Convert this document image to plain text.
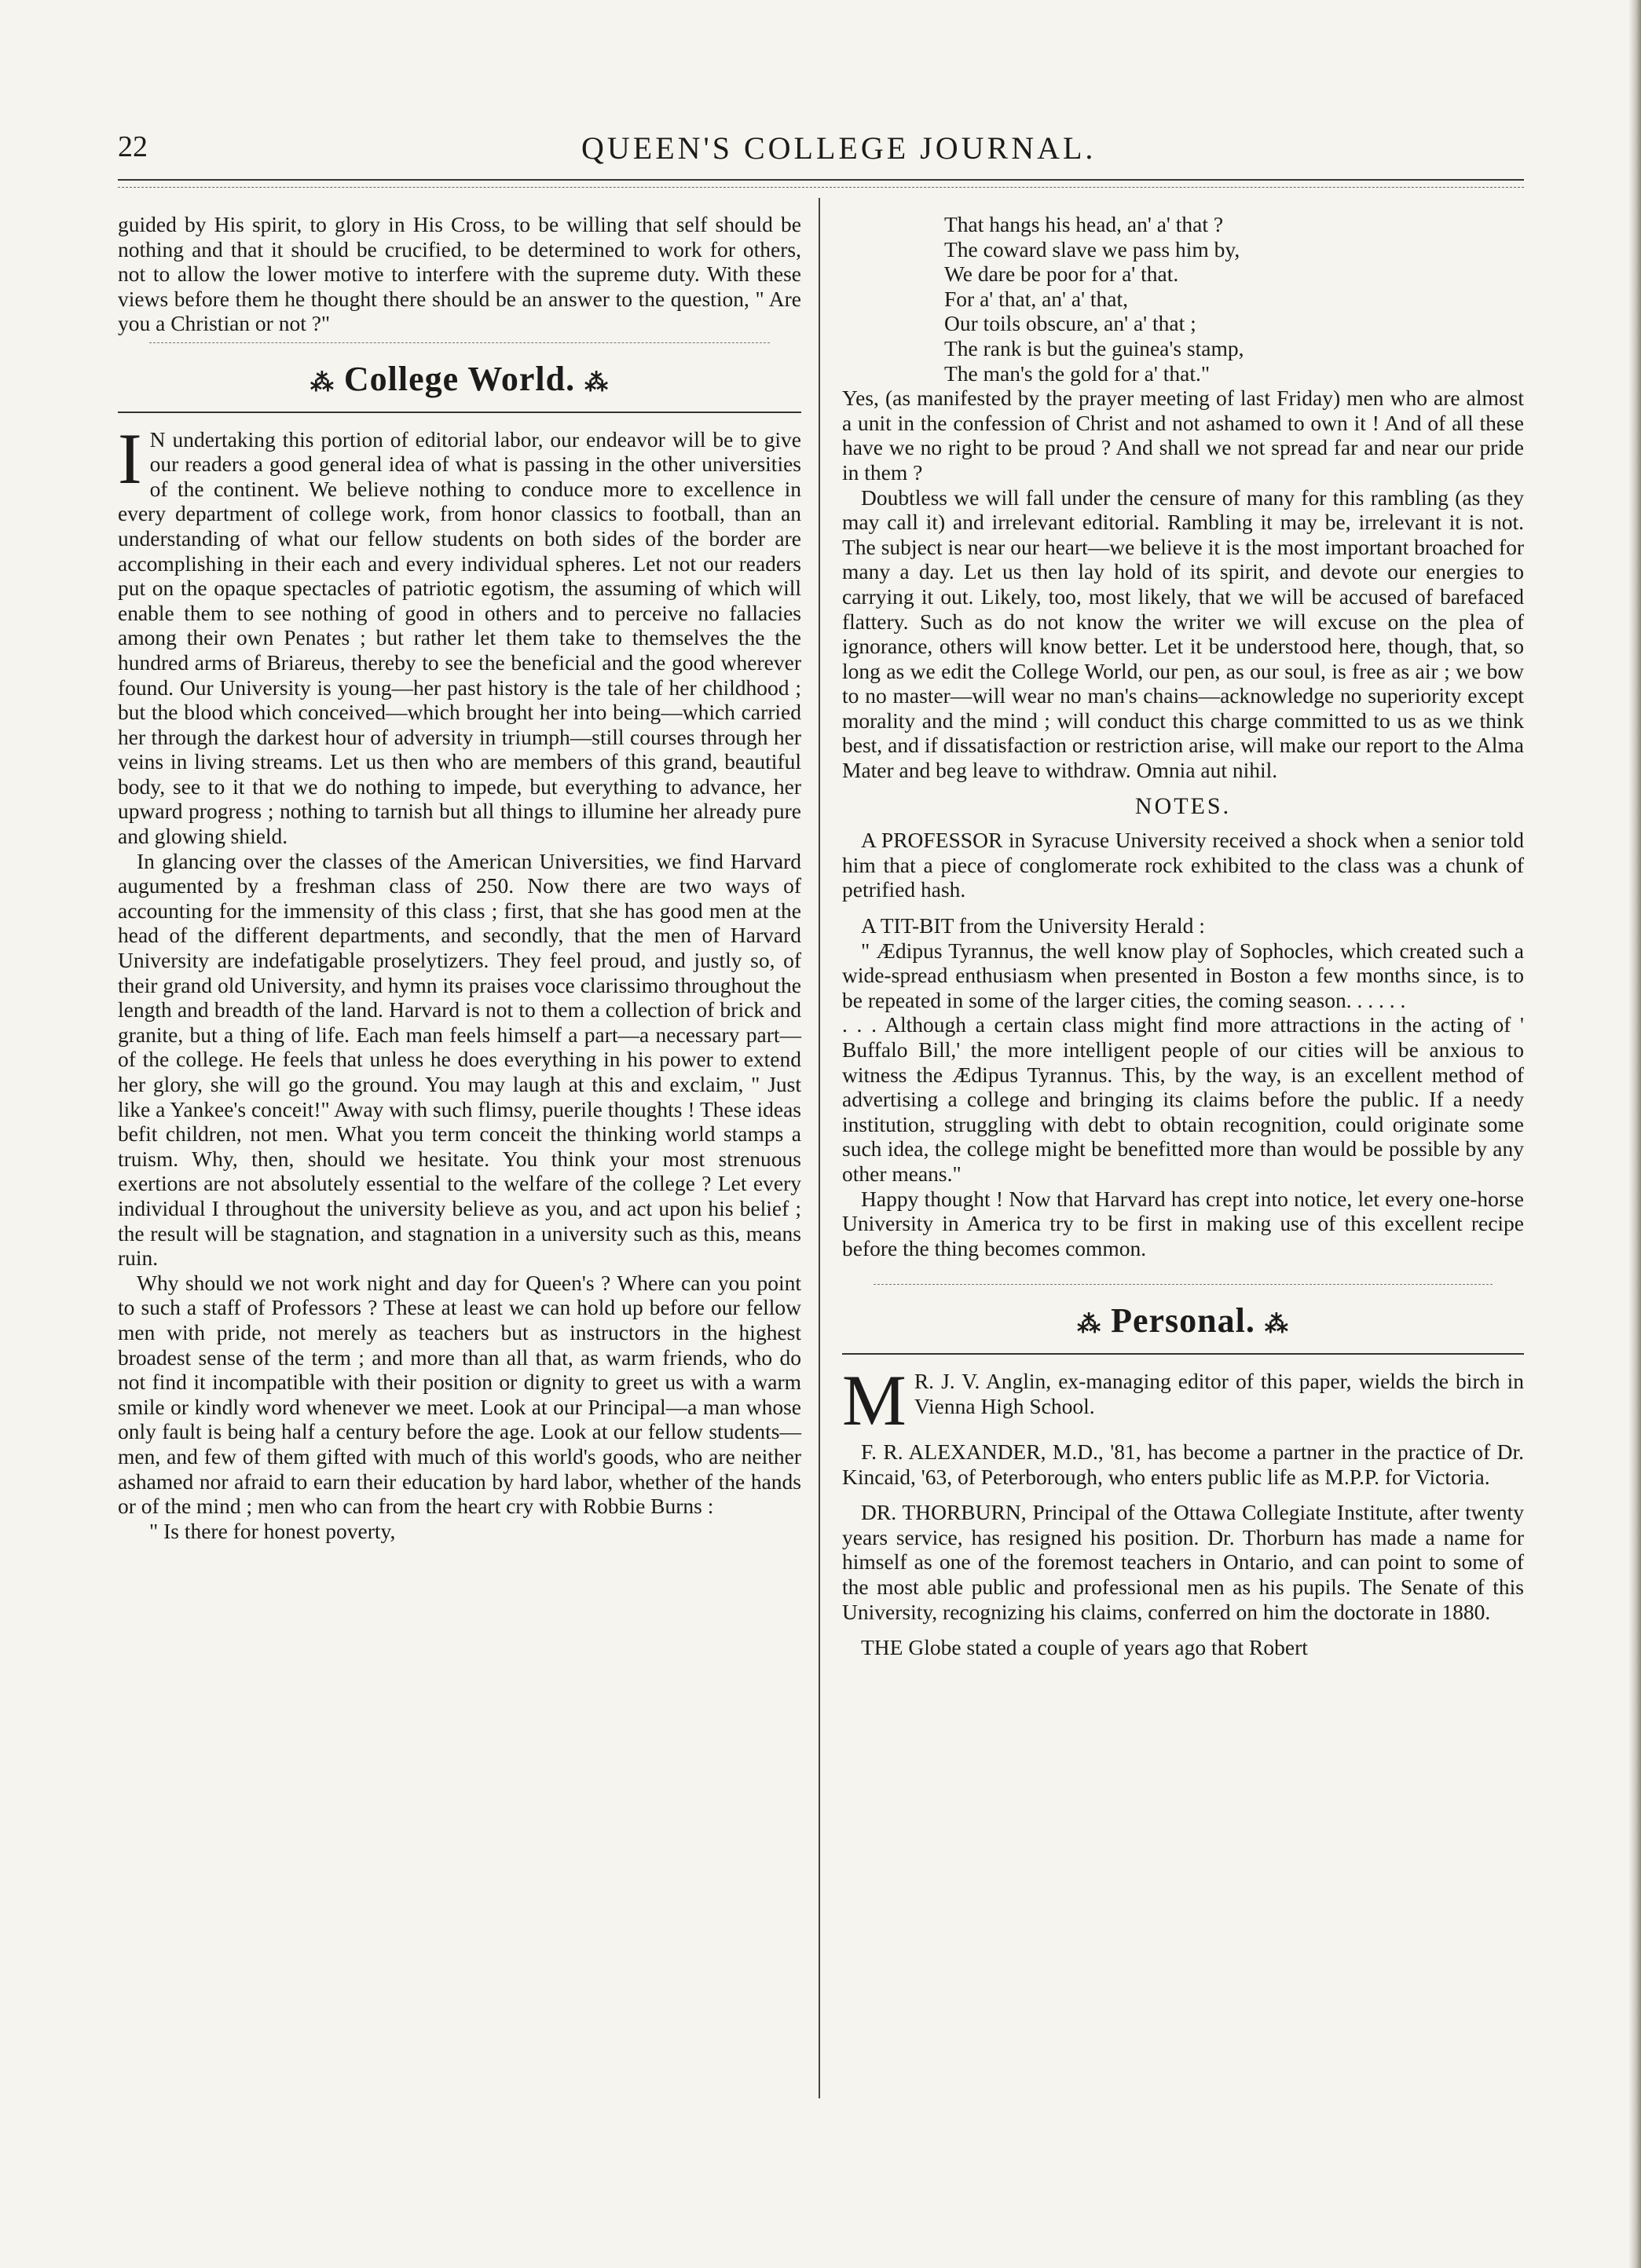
22	QUEEN'S COLLEGE JOURNAL.

guided by His spirit, to glory in His Cross, to be willing that self should be nothing and that it should be crucified, to be determined to work for others, not to allow the lower motive to interfere with the supreme duty. With these views before them he thought there should be an answer to the question, " Are you a Christian or not ?"

⁂ College World. ⁂

I N undertaking this portion of editorial labor, our endeavor will be to give our readers a good general idea of what is passing in the other universities of the continent. We believe nothing to conduce more to excellence in every department of college work, from honor classics to football, than an understanding of what our fellow students on both sides of the border are accomplishing in their each and every individual spheres. Let not our readers put on the opaque spectacles of patriotic egotism, the assuming of which will enable them to see nothing of good in others and to perceive no fallacies among their own Penates ; but rather let them take to themselves the the hundred arms of Briareus, thereby to see the beneficial and the good wherever found. Our University is young—her past history is the tale of her childhood ; but the blood which conceived—which brought her into being—which carried her through the darkest hour of adversity in triumph—still courses through her veins in living streams. Let us then who are members of this grand, beautiful body, see to it that we do nothing to impede, but everything to advance, her upward progress ; nothing to tarnish but all things to illumine her already pure and glowing shield.

In glancing over the classes of the American Universities, we find Harvard augumented by a freshman class of 250. Now there are two ways of accounting for the immensity of this class ; first, that she has good men at the head of the different departments, and secondly, that the men of Harvard University are indefatigable proselytizers. They feel proud, and justly so, of their grand old University, and hymn its praises voce clarissimo throughout the length and breadth of the land. Harvard is not to them a collection of brick and granite, but a thing of life. Each man feels himself a part—a necessary part—of the college. He feels that unless he does everything in his power to extend her glory, she will go the ground. You may laugh at this and exclaim, " Just like a Yankee's conceit!" Away with such flimsy, puerile thoughts ! These ideas befit children, not men. What you term conceit the thinking world stamps a truism. Why, then, should we hesitate. You think your most strenuous exertions are not absolutely essential to the welfare of the college ? Let every individual I throughout the university believe as you, and act upon his belief ; the result will be stagnation, and stagnation in a university such as this, means ruin.

Why should we not work night and day for Queen's ? Where can you point to such a staff of Professors ? These at least we can hold up before our fellow men with pride, not merely as teachers but as instructors in the highest broadest sense of the term ; and more than all that, as warm friends, who do not find it incompatible with their position or dignity to greet us with a warm smile or kindly word whenever we meet. Look at our Principal—a man whose only fault is being half a century before the age. Look at our fellow students—men, and few of them gifted with much of this world's goods, who are neither ashamed nor afraid to earn their education by hard labor, whether of the hands or of the mind ; men who can from the heart cry with Robbie Burns :

" Is there for honest poverty,

That hangs his head, an' a' that ?
The coward slave we pass him by,
We dare be poor for a' that.
For a' that, an' a' that,
Our toils obscure, an' a' that ;
The rank is but the guinea's stamp,
The man's the gold for a' that."

Yes, (as manifested by the prayer meeting of last Friday) men who are almost a unit in the confession of Christ and not ashamed to own it ! And of all these have we no right to be proud ? And shall we not spread far and near our pride in them ?

Doubtless we will fall under the censure of many for this rambling (as they may call it) and irrelevant editorial. Rambling it may be, irrelevant it is not. The subject is near our heart—we believe it is the most important broached for many a day. Let us then lay hold of its spirit, and devote our energies to carrying it out. Likely, too, most likely, that we will be accused of barefaced flattery. Such as do not know the writer we will excuse on the plea of ignorance, others will know better. Let it be understood here, though, that, so long as we edit the College World, our pen, as our soul, is free as air ; we bow to no master—will wear no man's chains—acknowledge no superiority except morality and the mind ; will conduct this charge committed to us as we think best, and if dissatisfaction or restriction arise, will make our report to the Alma Mater and beg leave to withdraw. Omnia aut nihil.

NOTES.

A PROFESSOR in Syracuse University received a shock when a senior told him that a piece of conglomerate rock exhibited to the class was a chunk of petrified hash.

A TIT-BIT from the University Herald :

" Ædipus Tyrannus, the well know play of Sophocles, which created such a wide-spread enthusiasm when presented in Boston a few months since, is to be repeated in some of the larger cities, the coming season. . . . . .

. . . Although a certain class might find more attractions in the acting of ' Buffalo Bill,' the more intelligent people of our cities will be anxious to witness the Ædipus Tyrannus. This, by the way, is an excellent method of advertising a college and bringing its claims before the public. If a needy institution, struggling with debt to obtain recognition, could originate some such idea, the college might be benefitted more than would be possible by any other means."

Happy thought ! Now that Harvard has crept into notice, let every one-horse University in America try to be first in making use of this excellent recipe before the thing becomes common.

⁂ Personal. ⁂

M R. J. V. Anglin, ex-managing editor of this paper, wields the birch in Vienna High School.

F. R. ALEXANDER, M.D., '81, has become a partner in the practice of Dr. Kincaid, '63, of Peterborough, who enters public life as M.P.P. for Victoria.

DR. THORBURN, Principal of the Ottawa Collegiate Institute, after twenty years service, has resigned his position. Dr. Thorburn has made a name for himself as one of the foremost teachers in Ontario, and can point to some of the most able public and professional men as his pupils. The Senate of this University, recognizing his claims, conferred on him the doctorate in 1880.

THE Globe stated a couple of years ago that Robert
